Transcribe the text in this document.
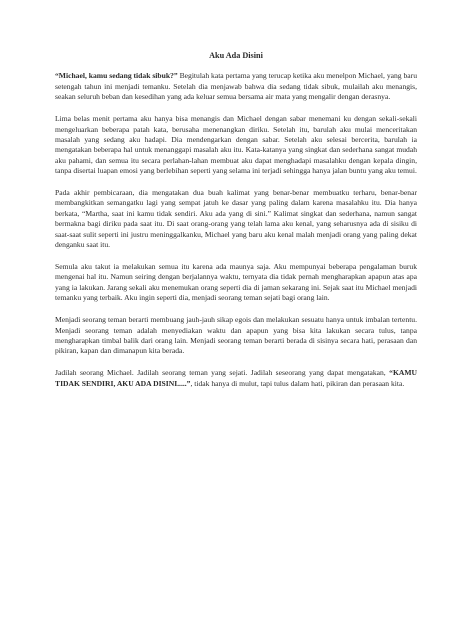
Aku Ada Disini

“Michael, kamu sedang tidak sibuk?” Begitulah kata pertama yang terucap ketika aku menelpon Michael, yang baru setengah tahun ini menjadi temanku. Setelah dia menjawab bahwa dia sedang tidak sibuk, mulailah aku menangis, seakan seluruh beban dan kesedihan yang ada keluar semua bersama air mata yang mengalir dengan derasnya.

Lima belas menit pertama aku hanya bisa menangis dan Michael dengan sabar menemani ku dengan sekali-sekali mengeluarkan beberapa patah kata, berusaha menenangkan diriku. Setelah itu, barulah aku mulai menceritakan masalah yang sedang aku hadapi. Dia mendengarkan dengan sabar. Setelah aku selesai bercerita, barulah ia mengatakan beberapa hal untuk menanggapi masalah aku itu. Kata-katanya yang singkat dan sederhana sangat mudah aku pahami, dan semua itu secara perlahan-lahan membuat aku dapat menghadapi masalahku dengan kepala dingin, tanpa disertai luapan emosi yang berlebihan seperti yang selama ini terjadi sehingga hanya jalan buntu yang aku temui.

Pada akhir pembicaraan, dia mengatakan dua buah kalimat yang benar-benar membuatku terharu, benar-benar membangkitkan semangatku lagi yang sempat jatuh ke dasar yang paling dalam karena masalahku itu. Dia hanya berkata, “Martha, saat ini kamu tidak sendiri. Aku ada yang di sini.” Kalimat singkat dan sederhana, namun sangat bermakna bagi diriku pada saat itu. Di saat orang-orang yang telah lama aku kenal, yang seharusnya ada di sisiku di saat-saat sulit seperti ini justru meninggalkanku, Michael yang baru aku kenal malah menjadi orang yang paling dekat denganku saat itu.

Semula aku takut ia melakukan semua itu karena ada maunya saja. Aku mempunyai beberapa pengalaman buruk mengenai hal itu. Namun seiring dengan berjalannya waktu, ternyata dia tidak pernah mengharapkan apapun atas apa yang ia lakukan. Jarang sekali aku menemukan orang seperti dia di jaman sekarang ini. Sejak saat itu Michael menjadi temanku yang terbaik. Aku ingin seperti dia, menjadi seorang teman sejati bagi orang lain.

Menjadi seorang teman berarti membuang jauh-jauh sikap egois dan melakukan sesuatu hanya untuk imbalan tertentu. Menjadi seorang teman adalah menyediakan waktu dan apapun yang bisa kita lakukan secara tulus, tanpa mengharapkan timbal balik dari orang lain. Menjadi seorang teman berarti berada di sisinya secara hati, perasaan dan pikiran, kapan dan dimanapun kita berada.

Jadilah seorang Michael. Jadilah seorang teman yang sejati. Jadilah seseorang yang dapat mengatakan, “KAMU TIDAK SENDIRI, AKU ADA DISINI.....”, tidak hanya di mulut, tapi tulus dalam hati, pikiran dan perasaan kita.
